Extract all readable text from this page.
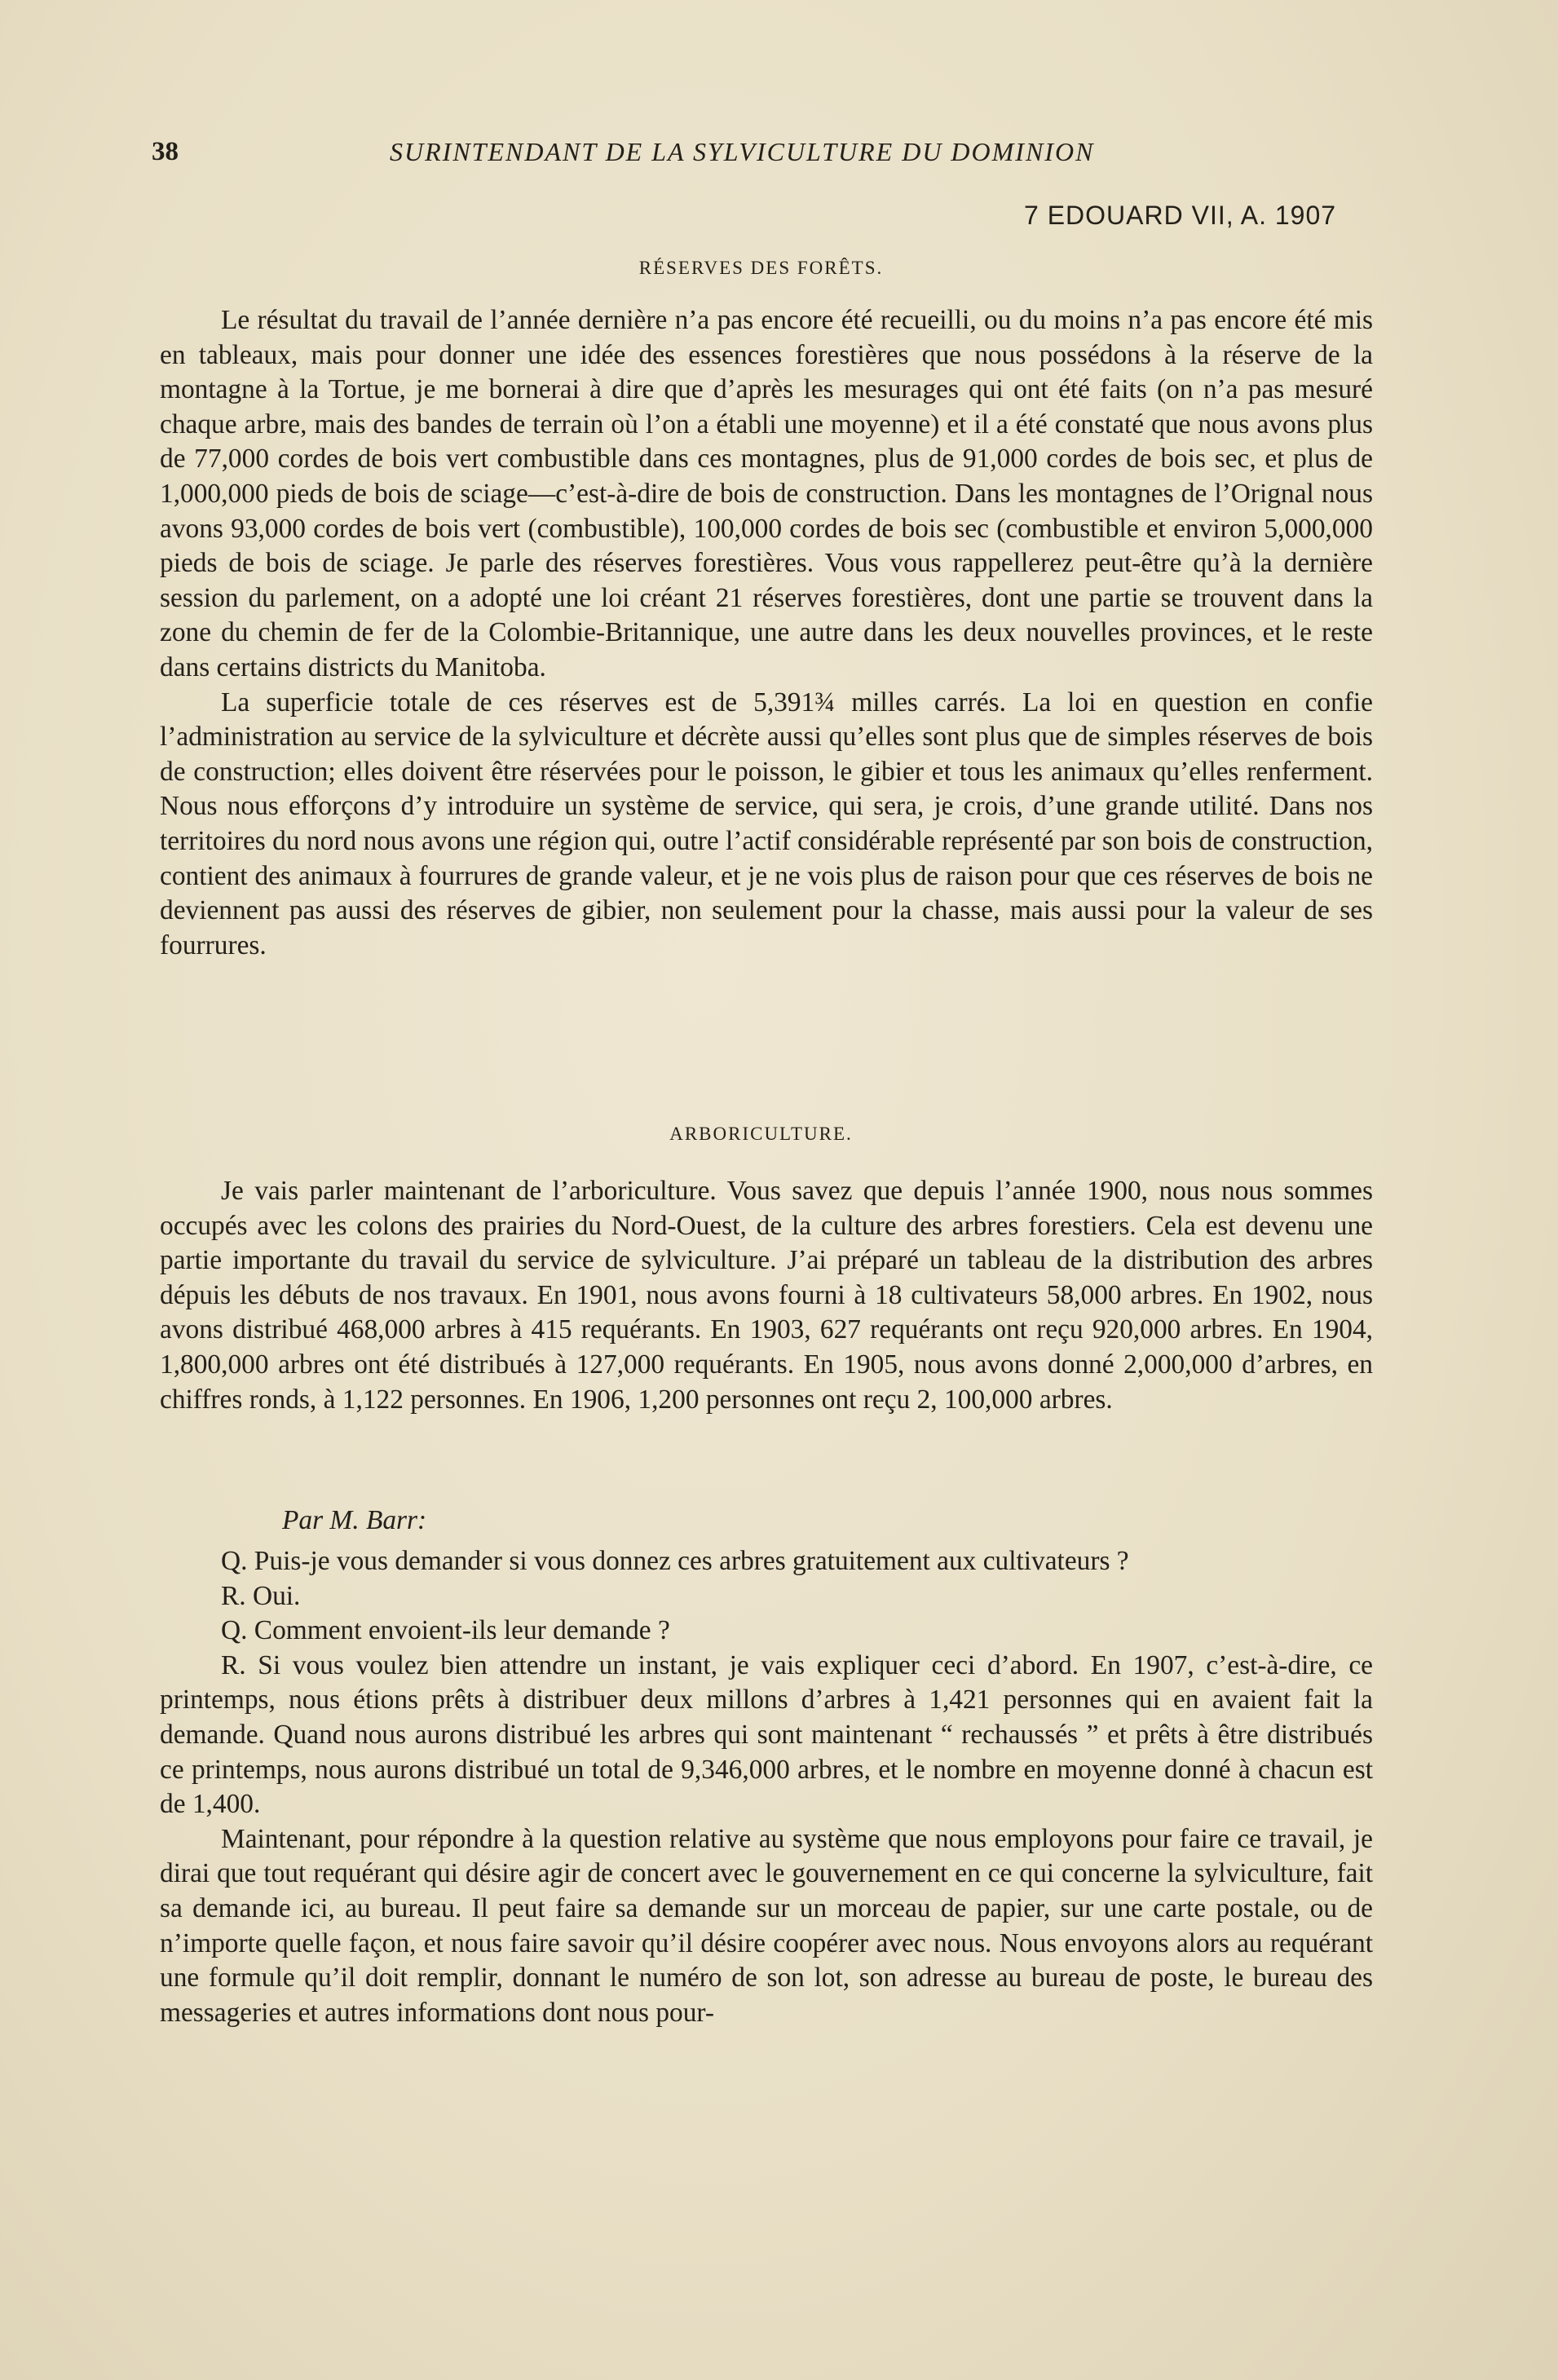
38	SURINTENDANT DE LA SYLVICULTURE DU DOMINION
7 EDOUARD VII, A. 1907
RÉSERVES DES FORÊTS.

Le résultat du travail de l’année dernière n’a pas encore été recueilli, ou du moins n’a pas encore été mis en tableaux, mais pour donner une idée des essences forestières que nous possédons à la réserve de la montagne à la Tortue, je me bornerai à dire que d’après les mesurages qui ont été faits (on n’a pas mesuré chaque arbre, mais des bandes de terrain où l’on a établi une moyenne) et il a été constaté que nous avons plus de 77,000 cordes de bois vert combustible dans ces montagnes, plus de 91,000 cordes de bois sec, et plus de 1,000,000 pieds de bois de sciage—c’est-à-dire de bois de construction. Dans les montagnes de l’Orignal nous avons 93,000 cordes de bois vert (combustible), 100,000 cordes de bois sec (combustible et environ 5,000,000 pieds de bois de sciage. Je parle des réserves forestières. Vous vous rappellerez peut-être qu’à la dernière session du parlement, on a adopté une loi créant 21 réserves forestières, dont une partie se trouvent dans la zone du chemin de fer de la Colombie-Britannique, une autre dans les deux nouvelles provinces, et le reste dans certains districts du Manitoba.

La superficie totale de ces réserves est de 5,391¾ milles carrés. La loi en question en confie l’administration au service de la sylviculture et décrète aussi qu’elles sont plus que de simples réserves de bois de construction; elles doivent être réservées pour le poisson, le gibier et tous les animaux qu’elles renferment. Nous nous efforçons d’y introduire un système de service, qui sera, je crois, d’une grande utilité. Dans nos territoires du nord nous avons une région qui, outre l’actif considérable représenté par son bois de construction, contient des animaux à fourrures de grande valeur, et je ne vois plus de raison pour que ces réserves de bois ne deviennent pas aussi des réserves de gibier, non seulement pour la chasse, mais aussi pour la valeur de ses fourrures.

ARBORICULTURE.

Je vais parler maintenant de l’arboriculture. Vous savez que depuis l’année 1900, nous nous sommes occupés avec les colons des prairies du Nord-Ouest, de la culture des arbres forestiers. Cela est devenu une partie importante du travail du service de sylviculture. J’ai préparé un tableau de la distribution des arbres dépuis les débuts de nos travaux. En 1901, nous avons fourni à 18 cultivateurs 58,000 arbres. En 1902, nous avons distribué 468,000 arbres à 415 requérants. En 1903, 627 requérants ont reçu 920,000 arbres. En 1904, 1,800,000 arbres ont été distribués à 127,000 requérants. En 1905, nous avons donné 2,000,000 d’arbres, en chiffres ronds, à 1,122 personnes. En 1906, 1,200 personnes ont reçu 2, 100,000 arbres.

Par M. Barr:

Q. Puis-je vous demander si vous donnez ces arbres gratuitement aux cultivateurs ?

R. Oui.

Q. Comment envoient-ils leur demande ?

R. Si vous voulez bien attendre un instant, je vais expliquer ceci d’abord. En 1907, c’est-à-dire, ce printemps, nous étions prêts à distribuer deux millons d’arbres à 1,421 personnes qui en avaient fait la demande. Quand nous aurons distribué les arbres qui sont maintenant “ rechaussés ” et prêts à être distribués ce printemps, nous aurons distribué un total de 9,346,000 arbres, et le nombre en moyenne donné à chacun est de 1,400.

Maintenant, pour répondre à la question relative au système que nous employons pour faire ce travail, je dirai que tout requérant qui désire agir de concert avec le gouvernement en ce qui concerne la sylviculture, fait sa demande ici, au bureau. Il peut faire sa demande sur un morceau de papier, sur une carte postale, ou de n’importe quelle façon, et nous faire savoir qu’il désire coopérer avec nous. Nous envoyons alors au requérant une formule qu’il doit remplir, donnant le numéro de son lot, son adresse au bureau de poste, le bureau des messageries et autres informations dont nous pour-
